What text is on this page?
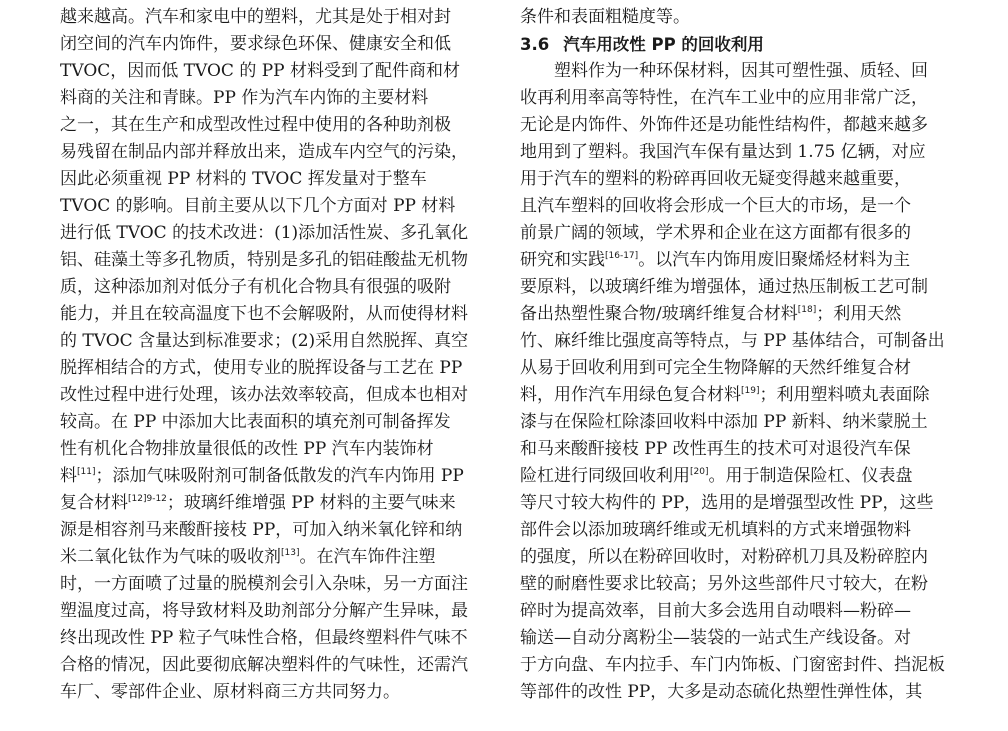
越来越高。汽车和家电中的塑料，尤其是处于相对封
闭空间的汽车内饰件，要求绿色环保、健康安全和低
TVOC，因而低 TVOC 的 PP 材料受到了配件商和材
料商的关注和青睐。PP 作为汽车内饰的主要材料
之一，其在生产和成型改性过程中使用的各种助剂极
易残留在制品内部并释放出来，造成车内空气的污染，
因此必须重视 PP 材料的 TVOC 挥发量对于整车
TVOC 的影响。目前主要从以下几个方面对 PP 材料
进行低 TVOC 的技术改进：(1)添加活性炭、多孔氧化
铝、硅藻土等多孔物质，特别是多孔的铝硅酸盐无机物
质，这种添加剂对低分子有机化合物具有很强的吸附
能力，并且在较高温度下也不会解吸附，从而使得材料
的 TVOC 含量达到标准要求；(2)采用自然脱挥、真空
脱挥相结合的方式，使用专业的脱挥设备与工艺在 PP
改性过程中进行处理，该办法效率较高，但成本也相对
较高。在 PP 中添加大比表面积的填充剂可制备挥发
性有机化合物排放量很低的改性 PP 汽车内装饰材
料[11]；添加气味吸附剂可制备低散发的汽车内饰用 PP
复合材料$^{[12]9-12}$；玻璃纤维增强 PP 材料的主要气味来
源是相容剂马来酸酐接枝 PP，可加入纳米氧化锌和纳
米二氧化钛作为气味的吸收剂[13]。在汽车饰件注塑
时，一方面喷了过量的脱模剂会引入杂味，另一方面注
塑温度过高，将导致材料及助剂部分分解产生异味，最
终出现改性 PP 粒子气味性合格，但最终塑料件气味不
合格的情况，因此要彻底解决塑料件的气味性，还需汽
车厂、零部件企业、原材料商三方共同努力。
条件和表面粗糙度等。
3.6 汽车用改性 PP 的回收利用
　　塑料作为一种环保材料，因其可塑性强、质轻、回
收再利用率高等特性，在汽车工业中的应用非常广泛，
无论是内饰件、外饰件还是功能性结构件，都越来越多
地用到了塑料。我国汽车保有量达到 1.75 亿辆，对应
用于汽车的塑料的粉碎再回收无疑变得越来越重要，
且汽车塑料的回收将会形成一个巨大的市场，是一个
前景广阔的领域，学术界和企业在这方面都有很多的
研究和实践[16-17]。以汽车内饰用废旧聚烯烃材料为主
要原料，以玻璃纤维为增强体，通过热压制板工艺可制
备出热塑性聚合物/玻璃纤维复合材料[18]；利用天然
竹、麻纤维比强度高等特点，与 PP 基体结合，可制备出
从易于回收利用到可完全生物降解的天然纤维复合材
料，用作汽车用绿色复合材料[19]；利用塑料喷丸表面除
漆与在保险杠除漆回收料中添加 PP 新料、纳米蒙脱土
和马来酸酐接枝 PP 改性再生的技术可对退役汽车保
险杠进行同级回收利用[20]。用于制造保险杠、仪表盘
等尺寸较大构件的 PP，选用的是增强型改性 PP，这些
部件会以添加玻璃纤维或无机填料的方式来增强物料
的强度，所以在粉碎回收时，对粉碎机刀具及粉碎腔内
壁的耐磨性要求比较高；另外这些部件尺寸较大，在粉
碎时为提高效率，目前大多会选用自动喂料—粉碎—
输送—自动分离粉尘—装袋的一站式生产线设备。对
于方向盘、车内拉手、车门内饰板、门窗密封件、挡泥板
等部件的改性 PP，大多是动态硫化热塑性弹性体，其
